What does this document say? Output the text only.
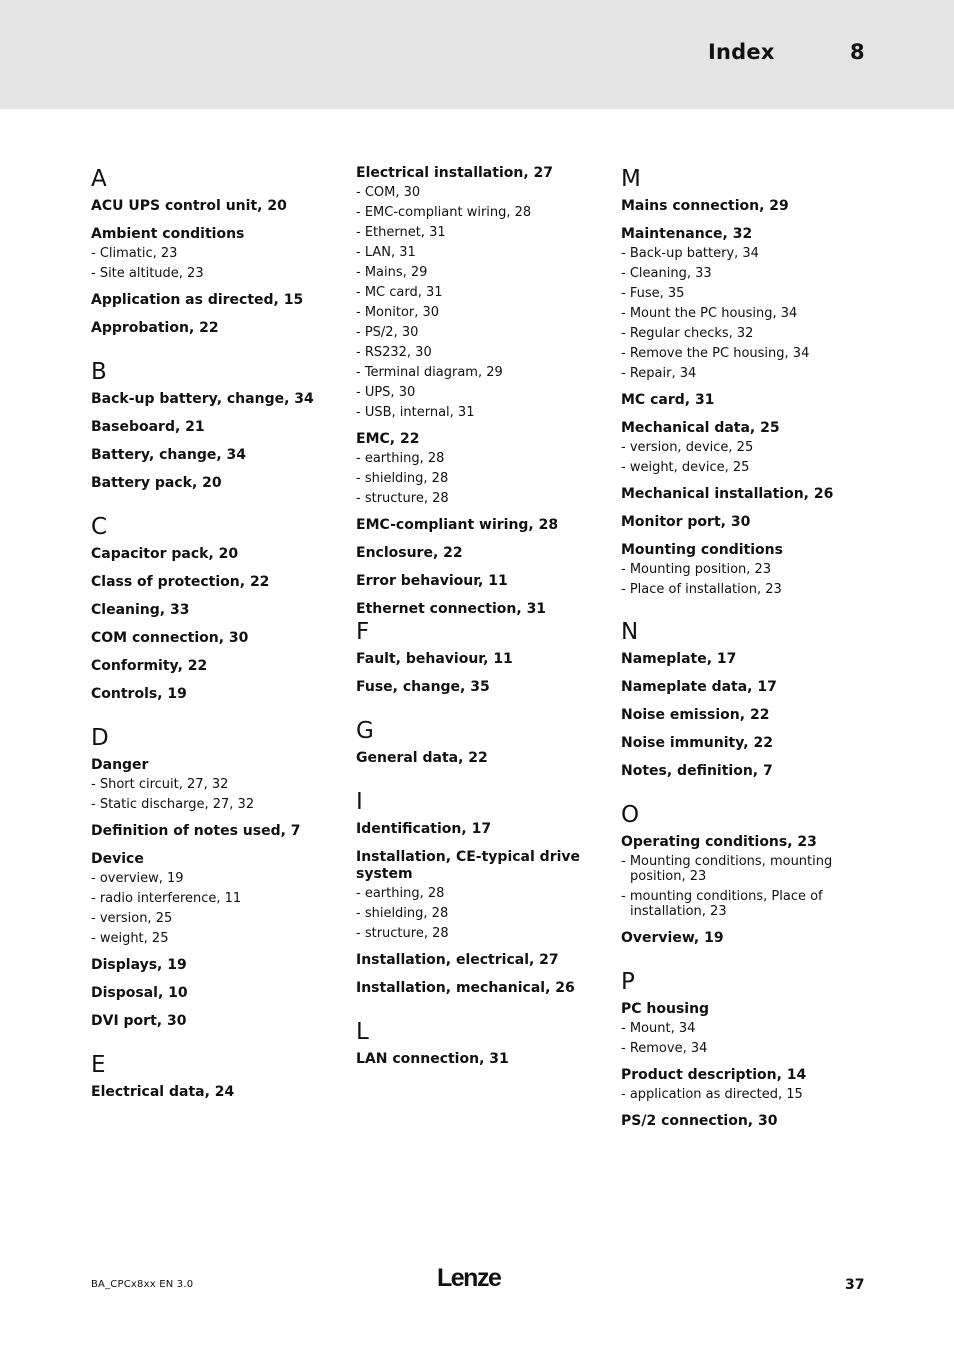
Index	8
A
ACU UPS control unit, 20
Ambient conditions
- Climatic, 23
- Site altitude, 23
Application as directed, 15
Approbation, 22
B
Back-up battery, change, 34
Baseboard, 21
Battery, change, 34
Battery pack, 20
C
Capacitor pack, 20
Class of protection, 22
Cleaning, 33
COM connection, 30
Conformity, 22
Controls, 19
D
Danger
- Short circuit, 27, 32
- Static discharge, 27, 32
Definition of notes used, 7
Device
- overview, 19
- radio interference, 11
- version, 25
- weight, 25
Displays, 19
Disposal, 10
DVI port, 30
E
Electrical data, 24
Electrical installation, 27
- COM, 30
- EMC-compliant wiring, 28
- Ethernet, 31
- LAN, 31
- Mains, 29
- MC card, 31
- Monitor, 30
- PS/2, 30
- RS232, 30
- Terminal diagram, 29
- UPS, 30
- USB, internal, 31
EMC, 22
- earthing, 28
- shielding, 28
- structure, 28
EMC-compliant wiring, 28
Enclosure, 22
Error behaviour, 11
Ethernet connection, 31
F
Fault, behaviour, 11
Fuse, change, 35
G
General data, 22
I
Identification, 17
Installation, CE-typical drive system
- earthing, 28
- shielding, 28
- structure, 28
Installation, electrical, 27
Installation, mechanical, 26
L
LAN connection, 31
M
Mains connection, 29
Maintenance, 32
- Back-up battery, 34
- Cleaning, 33
- Fuse, 35
- Mount the PC housing, 34
- Regular checks, 32
- Remove the PC housing, 34
- Repair, 34
MC card, 31
Mechanical data, 25
- version, device, 25
- weight, device, 25
Mechanical installation, 26
Monitor port, 30
Mounting conditions
- Mounting position, 23
- Place of installation, 23
N
Nameplate, 17
Nameplate data, 17
Noise emission, 22
Noise immunity, 22
Notes, definition, 7
O
Operating conditions, 23
- Mounting conditions, mounting position, 23
- mounting conditions, Place of installation, 23
Overview, 19
P
PC housing
- Mount, 34
- Remove, 34
Product description, 14
- application as directed, 15
PS/2 connection, 30
BA_CPCx8xx EN 3.0	Lenze	37
